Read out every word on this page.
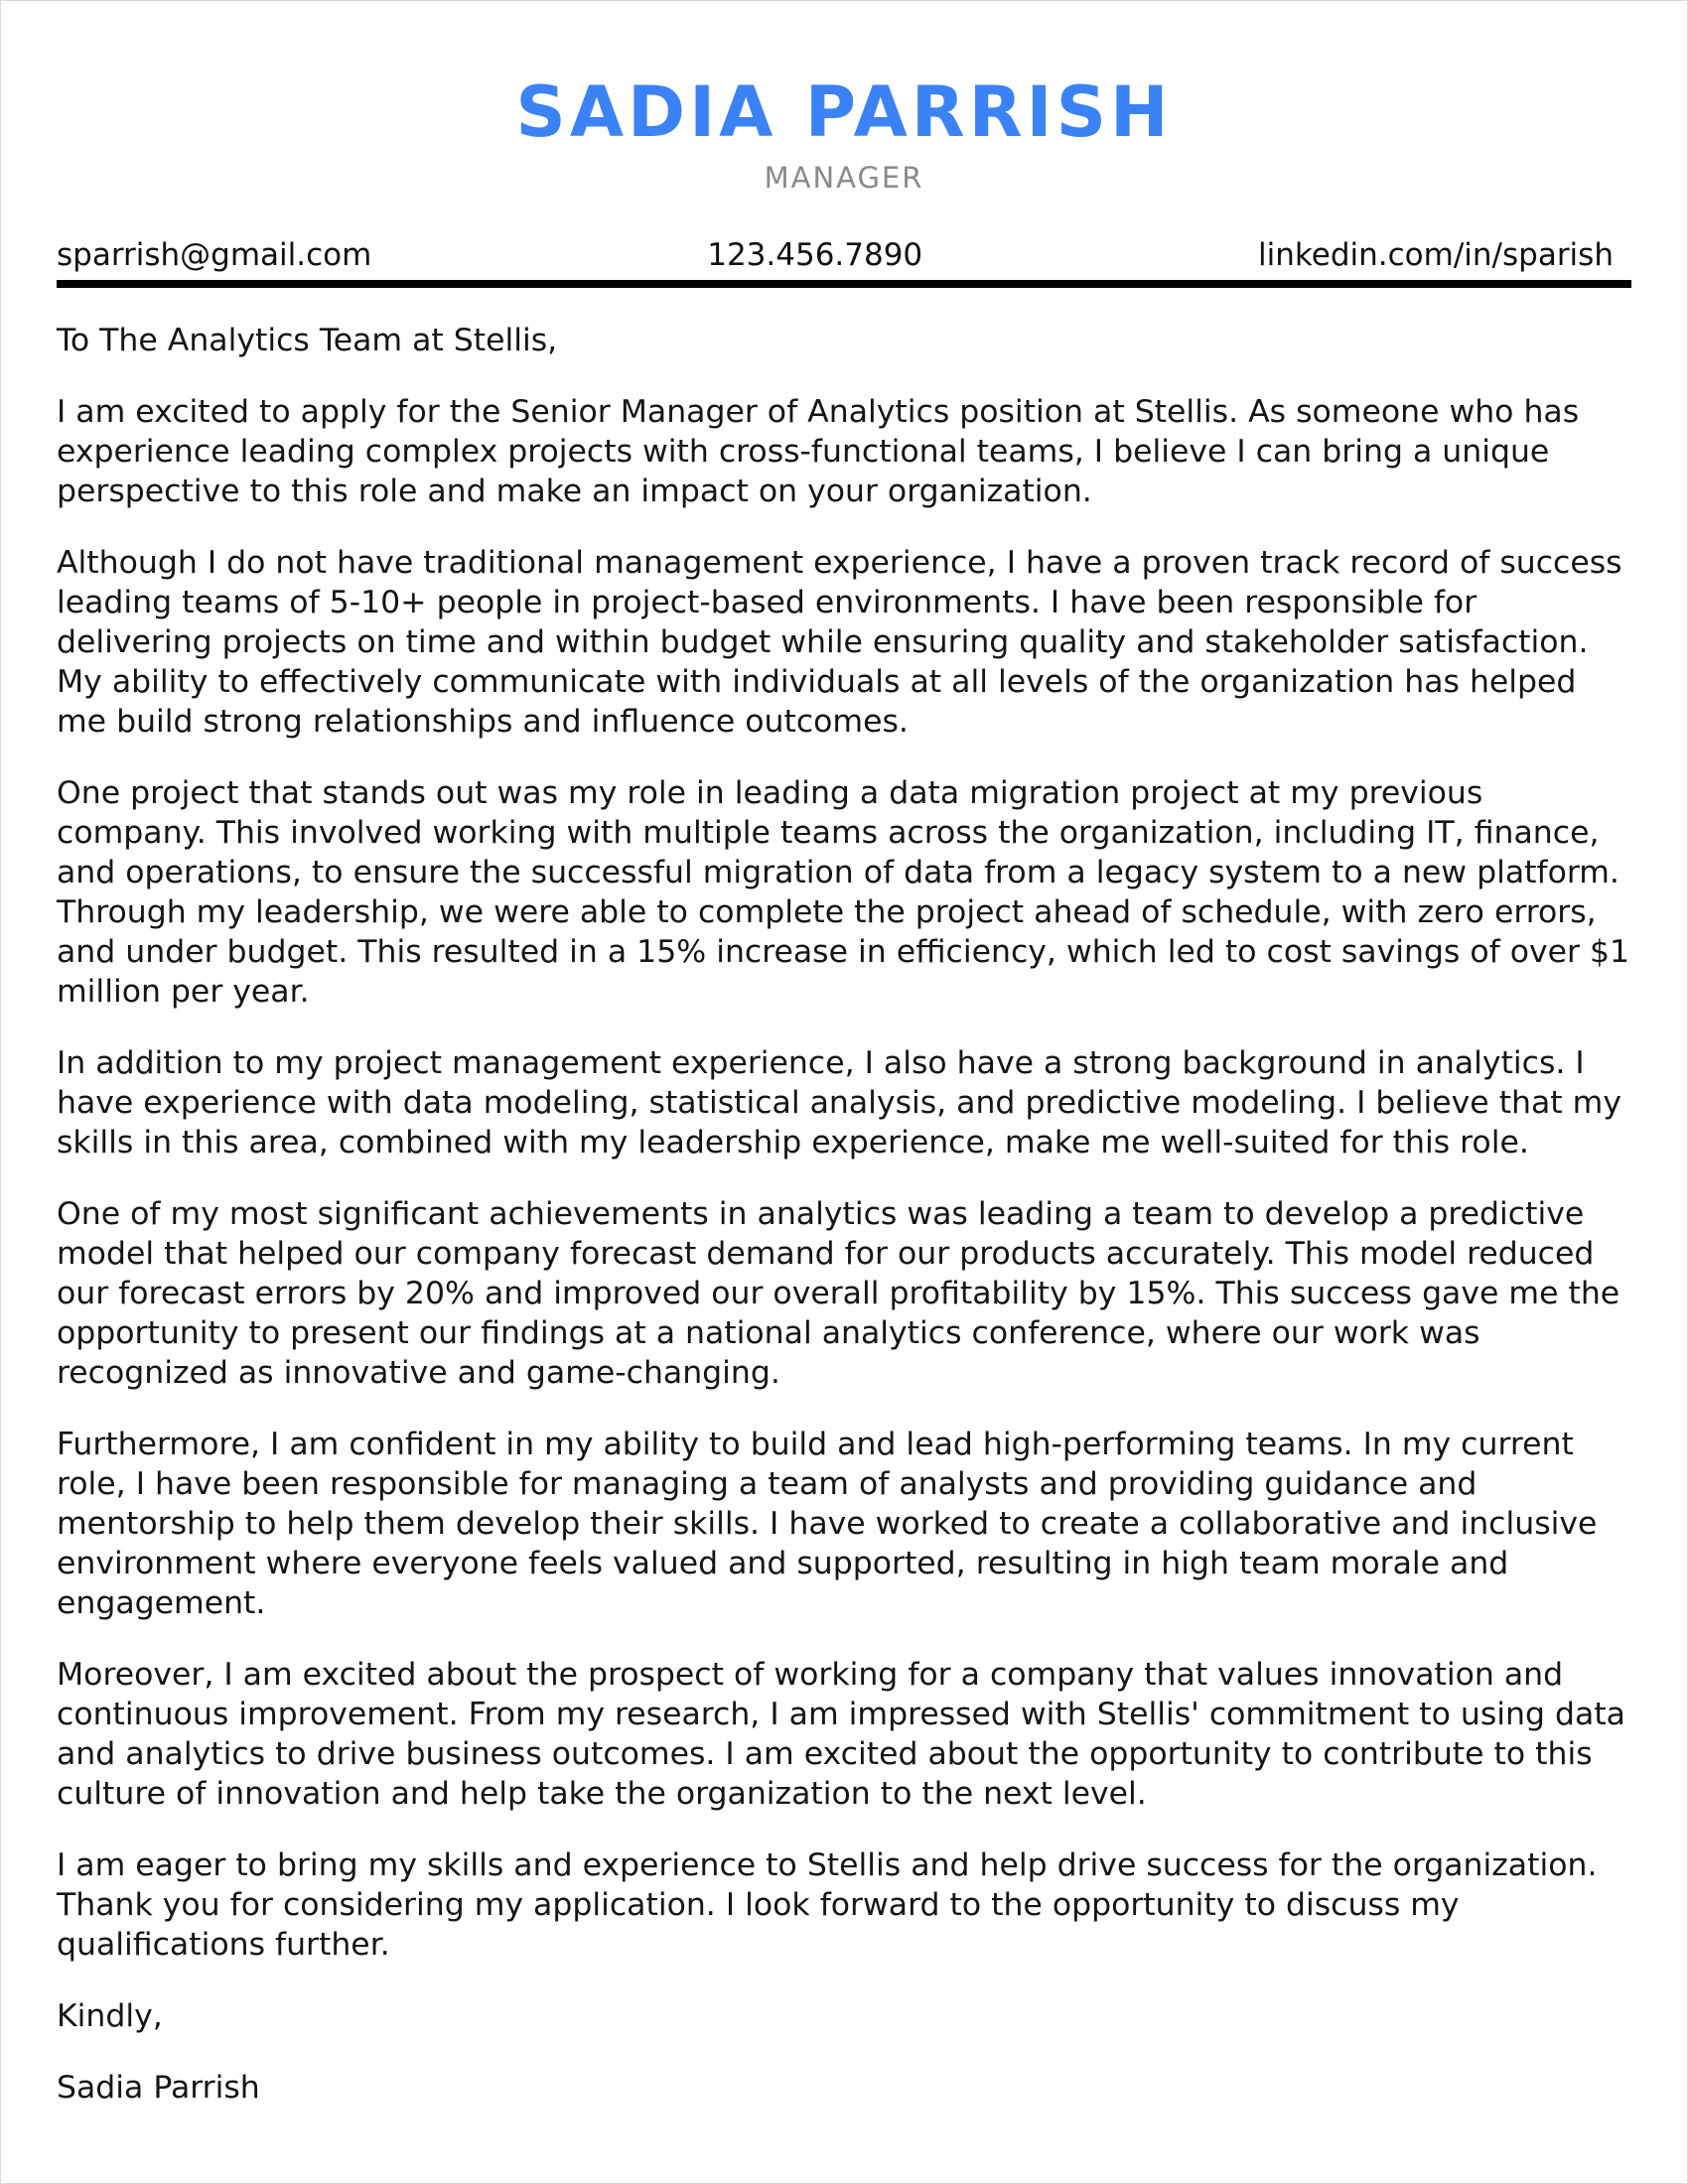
SADIA PARRISH
MANAGER
sparrish@gmail.com	123.456.7890	linkedin.com/in/sparish

To The Analytics Team at Stellis,

I am excited to apply for the Senior Manager of Analytics position at Stellis. As someone who has experience leading complex projects with cross-functional teams, I believe I can bring a unique perspective to this role and make an impact on your organization.

Although I do not have traditional management experience, I have a proven track record of success leading teams of 5-10+ people in project-based environments. I have been responsible for delivering projects on time and within budget while ensuring quality and stakeholder satisfaction. My ability to effectively communicate with individuals at all levels of the organization has helped me build strong relationships and influence outcomes.

One project that stands out was my role in leading a data migration project at my previous company. This involved working with multiple teams across the organization, including IT, finance, and operations, to ensure the successful migration of data from a legacy system to a new platform. Through my leadership, we were able to complete the project ahead of schedule, with zero errors, and under budget. This resulted in a 15% increase in efficiency, which led to cost savings of over $1 million per year.

In addition to my project management experience, I also have a strong background in analytics. I have experience with data modeling, statistical analysis, and predictive modeling. I believe that my skills in this area, combined with my leadership experience, make me well-suited for this role.

One of my most significant achievements in analytics was leading a team to develop a predictive model that helped our company forecast demand for our products accurately. This model reduced our forecast errors by 20% and improved our overall profitability by 15%. This success gave me the opportunity to present our findings at a national analytics conference, where our work was recognized as innovative and game-changing.

Furthermore, I am confident in my ability to build and lead high-performing teams. In my current role, I have been responsible for managing a team of analysts and providing guidance and mentorship to help them develop their skills. I have worked to create a collaborative and inclusive environment where everyone feels valued and supported, resulting in high team morale and engagement.

Moreover, I am excited about the prospect of working for a company that values innovation and continuous improvement. From my research, I am impressed with Stellis' commitment to using data and analytics to drive business outcomes. I am excited about the opportunity to contribute to this culture of innovation and help take the organization to the next level.

I am eager to bring my skills and experience to Stellis and help drive success for the organization. Thank you for considering my application. I look forward to the opportunity to discuss my qualifications further.

Kindly,

Sadia Parrish
